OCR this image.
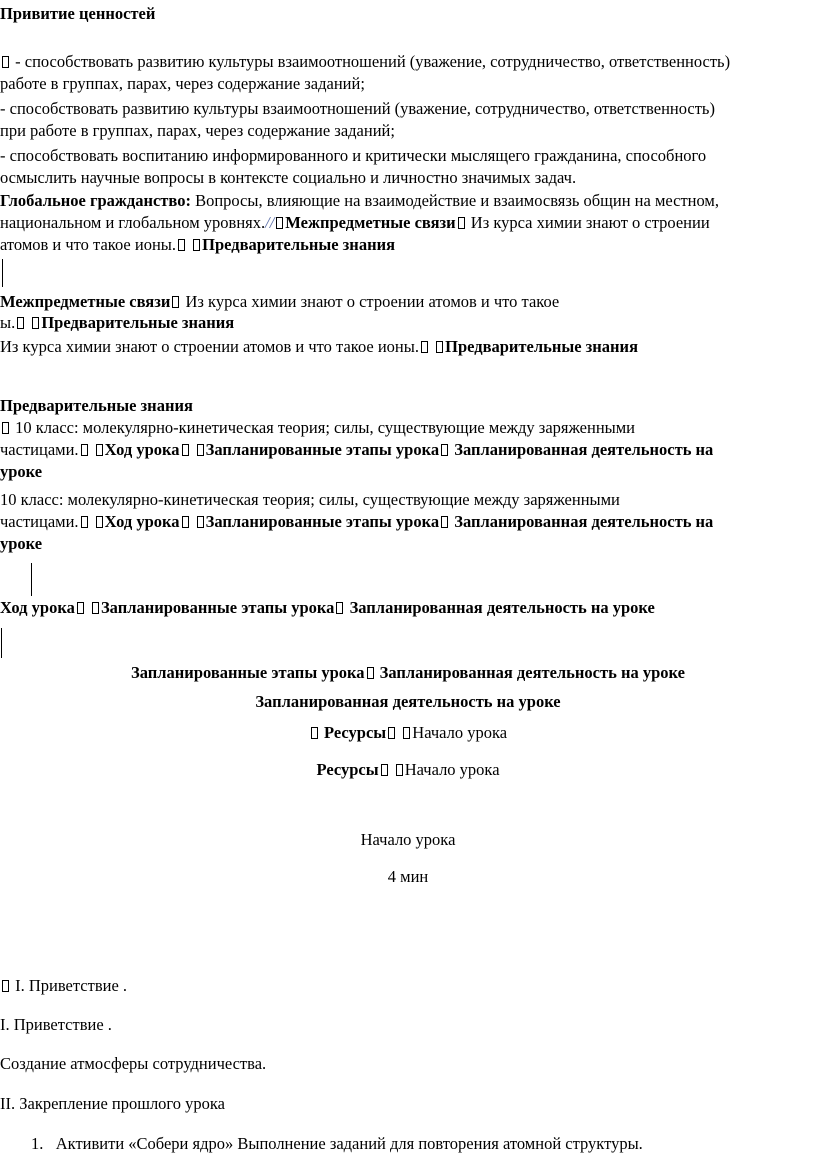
Привитие ценностей
- способствовать развитию культуры взаимоотношений (уважение, сотрудничество, ответственность)
работе в группах, парах, через содержание заданий;
- способствовать развитию культуры взаимоотношений (уважение, сотрудничество, ответственность)
при работе в группах, парах, через содержание заданий;
- способствовать воспитанию информированного и критически мыслящего гражданина, способного
осмыслить научные вопросы в контексте социально и личностно значимых задач.
Глобальное гражданство: Вопросы, влияющие на взаимодействие и взаимосвязь общин на местном,
национальном и глобальном уровнях.// Межпредметные связи Из курса химии знают о строении
атомов и что такое ионы. Предварительные знания
Межпредметные связи Из курса химии знают о строении атомов и что такое
ы. Предварительные знания
Из курса химии знают о строении атомов и что такое ионы. Предварительные знания
Предварительные знания
10 класс: молекулярно-кинетическая теория; силы, существующие между заряженными
частицами. Ход урока Запланированные этапы урока Запланированная деятельность на
уроке
10 класс: молекулярно-кинетическая теория; силы, существующие между заряженными
частицами. Ход урока Запланированные этапы урока Запланированная деятельность на
уроке
Ход урока Запланированные этапы урока Запланированная деятельность на уроке
Запланированные этапы урока Запланированная деятельность на уроке
Запланированная деятельность на уроке
Ресурсы Начало урока
Ресурсы Начало урока
Начало урока
4 мин
I. Приветствие .
I. Приветствие .
Создание атмосферы сотрудничества.
II. Закрепление прошлого урока
1. Активити «Собери ядро» Выполнение заданий для повторения атомной структуры.
